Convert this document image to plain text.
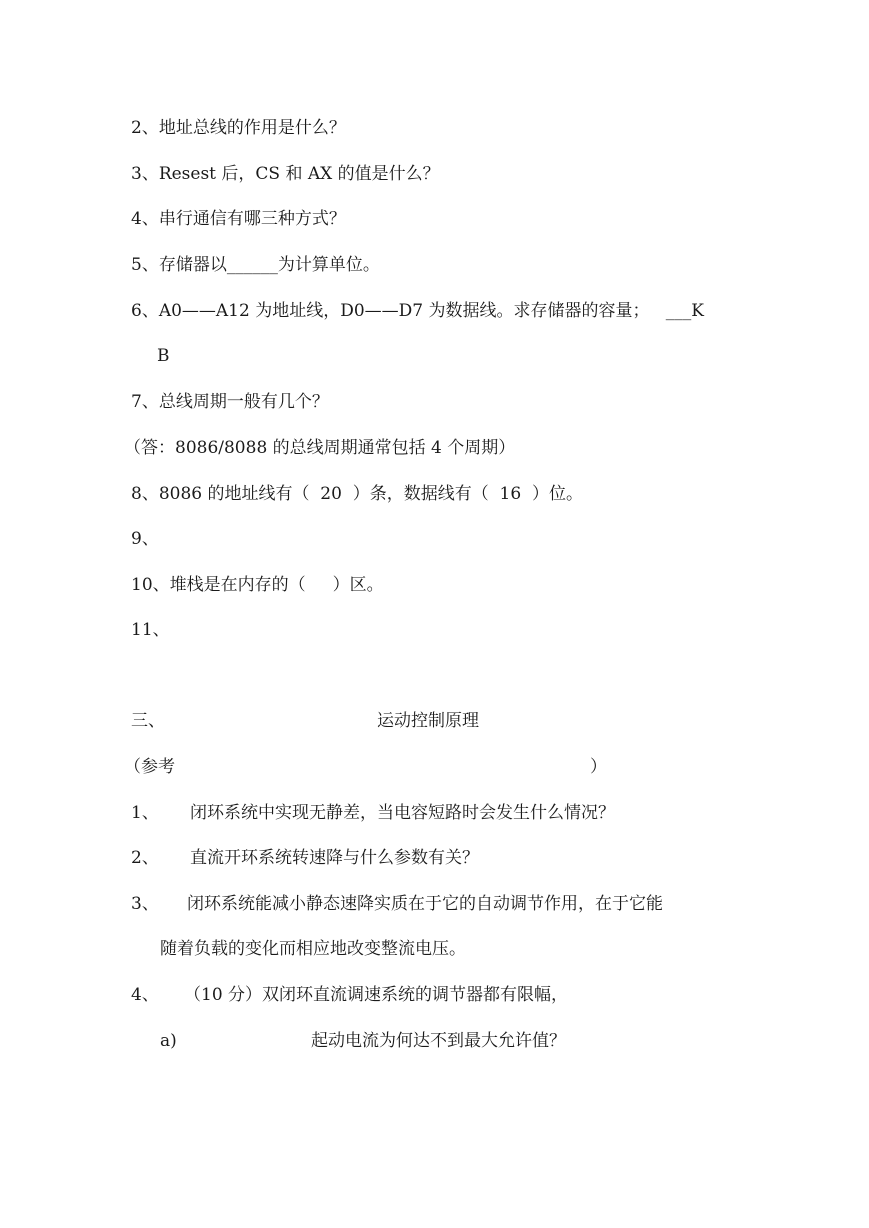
2、地址总线的作用是什么？
3、Resest 后，CS 和 AX 的值是什么？
4、串行通信有哪三种方式？
5、存储器以______为计算单位。
6、A0——A12 为地址线，D0——D7 为数据线。求存储器的容量；   ___K
B
7、总线周期一般有几个？
（答：8086/8088 的总线周期通常包括 4 个周期）
8、8086 的地址线有（  20  ）条，数据线有（  16  ）位。
9、
10、堆栈是在内存的（     ）区。
11、
三、	运动控制原理
（参考	）
1、 闭环系统中实现无静差，当电容短路时会发生什么情况？
2、 直流开环系统转速降与什么参数有关？
3、 闭环系统能减小静态速降实质在于它的自动调节作用，在于它能
随着负载的变化而相应地改变整流电压。
4、 （10 分）双闭环直流调速系统的调节器都有限幅，
a)	起动电流为何达不到最大允许值？
